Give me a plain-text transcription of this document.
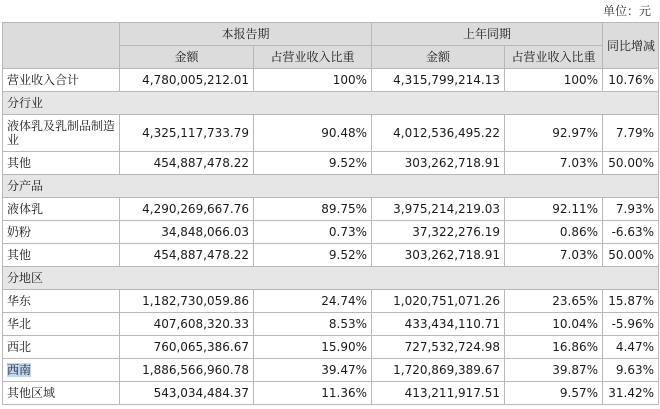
单位：元
	本报告期		上年同期		同比增减
	金额	占营业收入比重	金额	占营业收入比重	
营业收入合计	4,780,005,212.01	100%	4,315,799,214.13	100%	10.76%
分行业					
液体乳及乳制品制造业	4,325,117,733.79	90.48%	4,012,536,495.22	92.97%	7.79%
其他	454,887,478.22	9.52%	303,262,718.91	7.03%	50.00%
分产品					
液体乳	4,290,269,667.76	89.75%	3,975,214,219.03	92.11%	7.93%
奶粉	34,848,066.03	0.73%	37,322,276.19	0.86%	-6.63%
其他	454,887,478.22	9.52%	303,262,718.91	7.03%	50.00%
分地区					
华东	1,182,730,059.86	24.74%	1,020,751,071.26	23.65%	15.87%
华北	407,608,320.33	8.53%	433,434,110.71	10.04%	-5.96%
西北	760,065,386.67	15.90%	727,532,724.98	16.86%	4.47%
西南	1,886,566,960.78	39.47%	1,720,869,389.67	39.87%	9.63%
其他区域	543,034,484.37	11.36%	413,211,917.51	9.57%	31.42%
